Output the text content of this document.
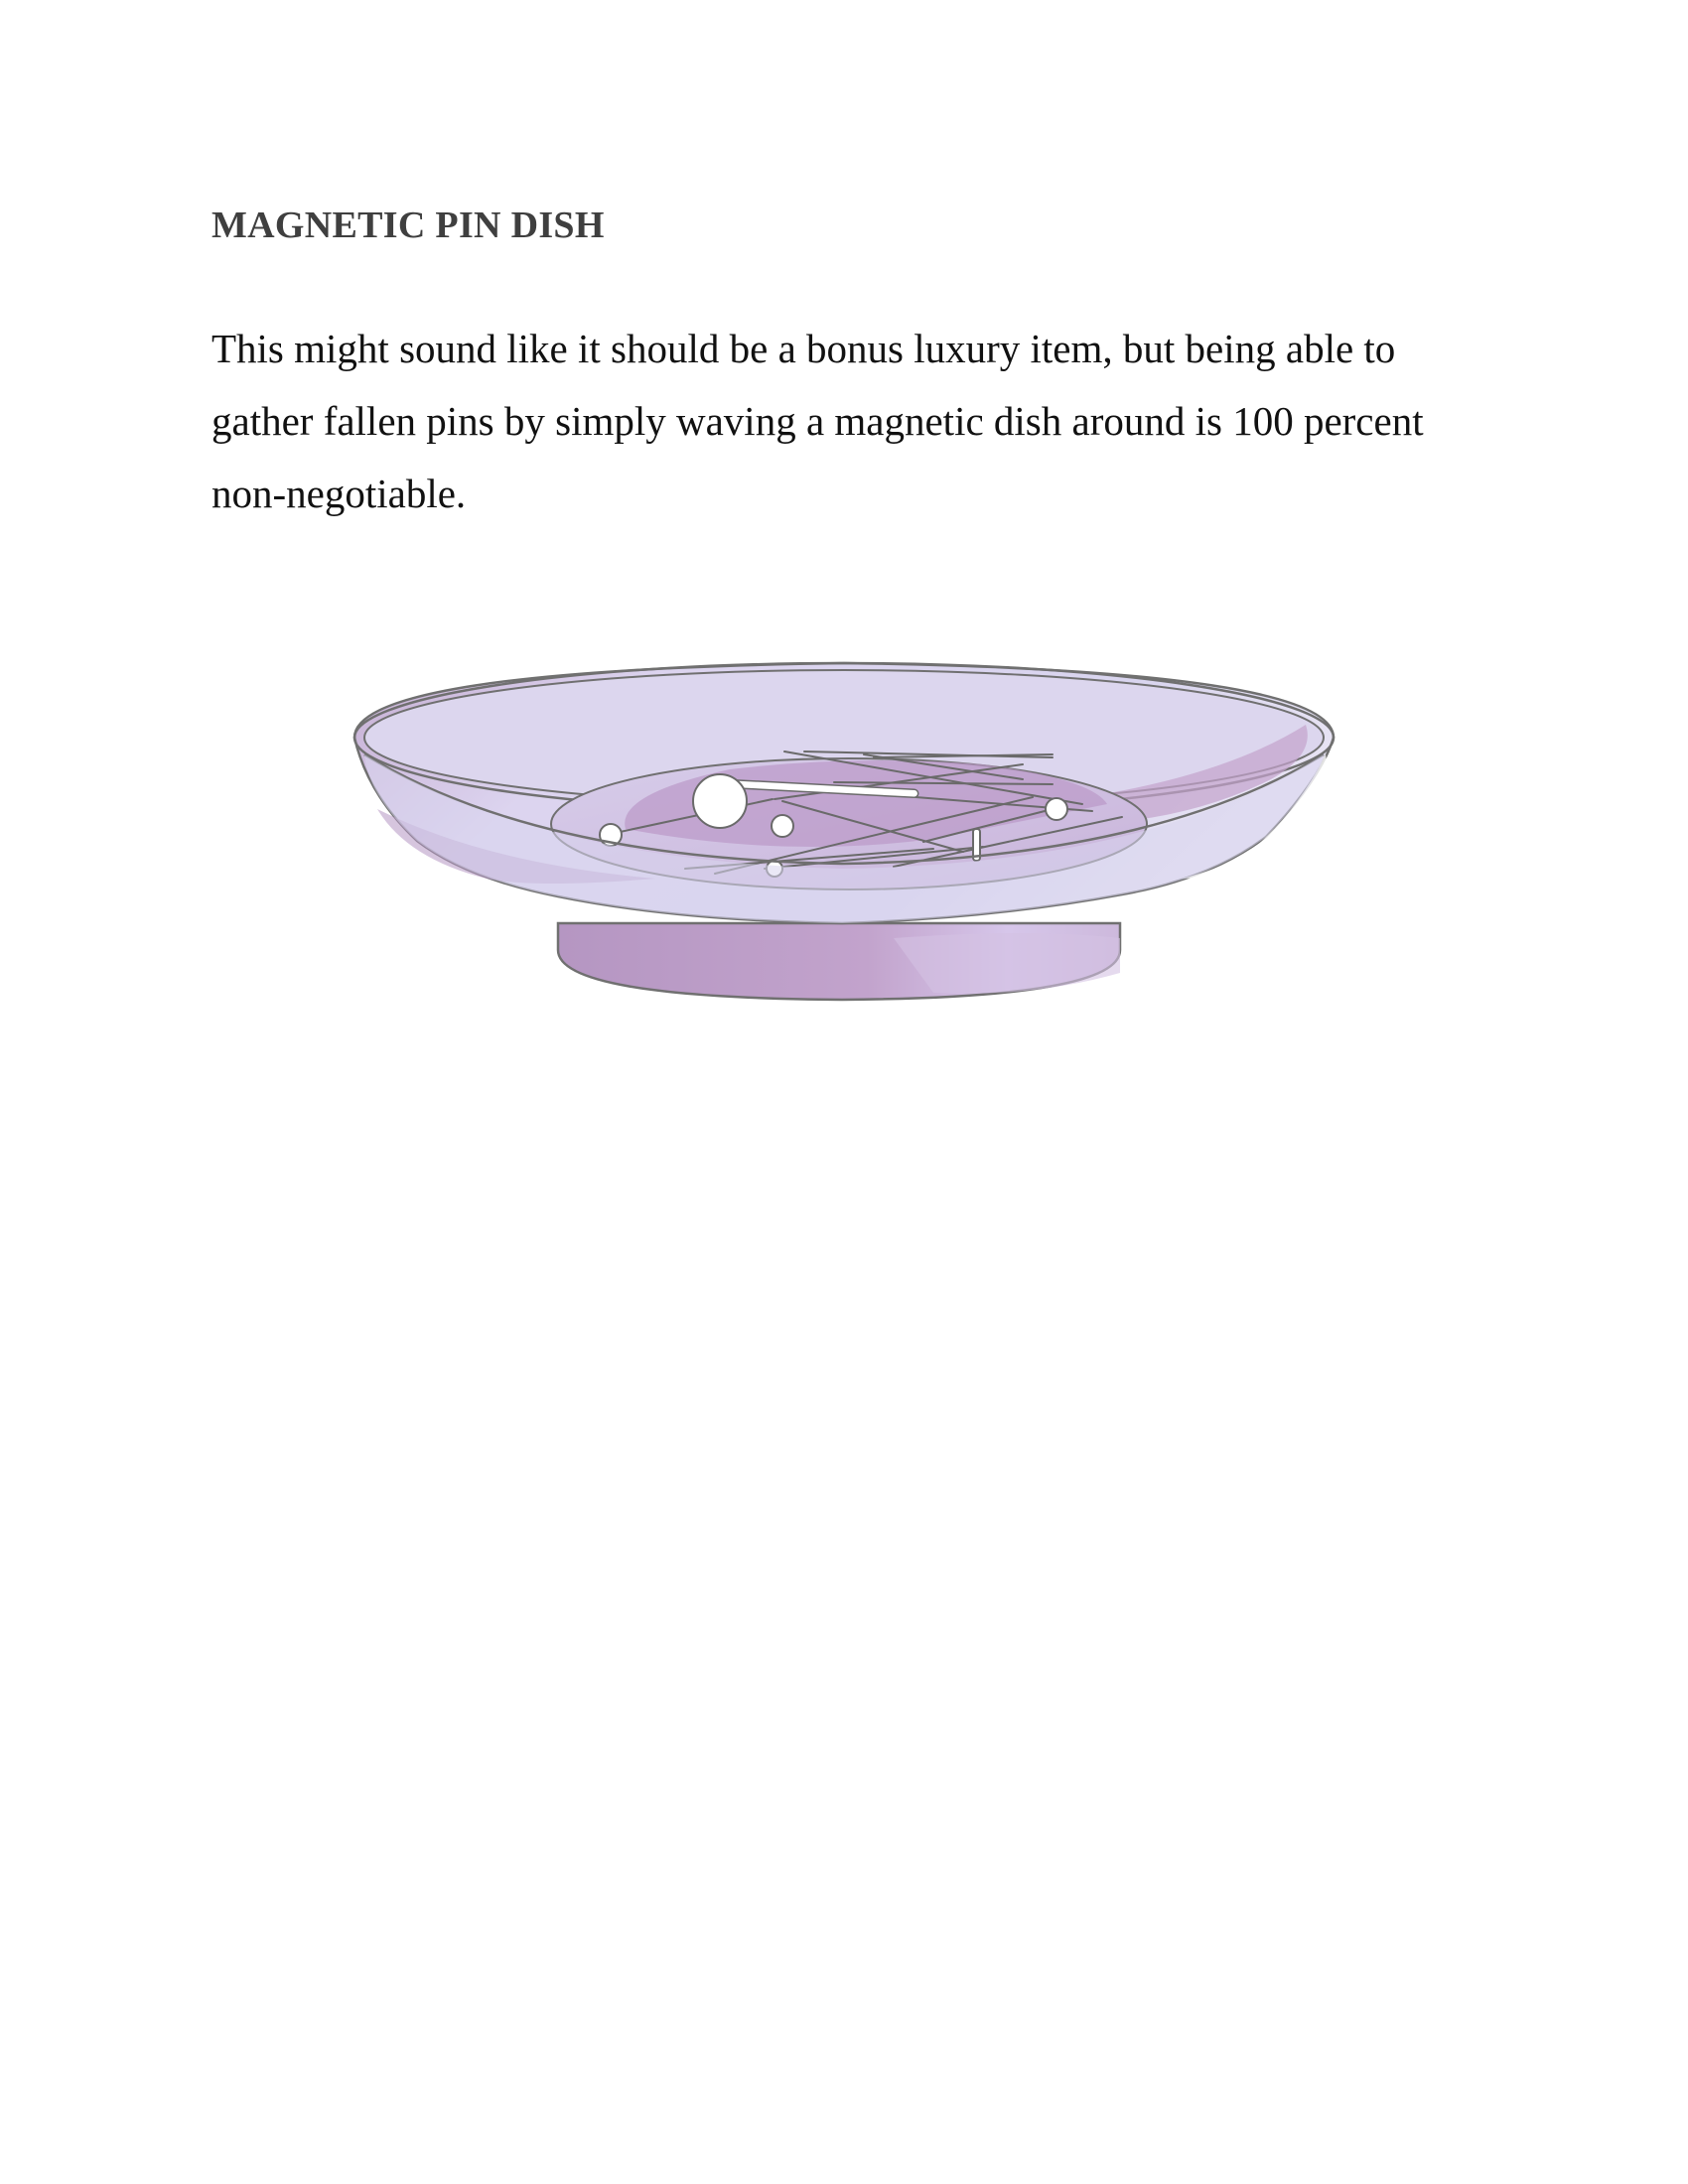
MAGNETIC PIN DISH

This might sound like it should be a bonus luxury item, but being able to
gather fallen pins by simply waving a magnetic dish around is 100 percent
non-negotiable.
